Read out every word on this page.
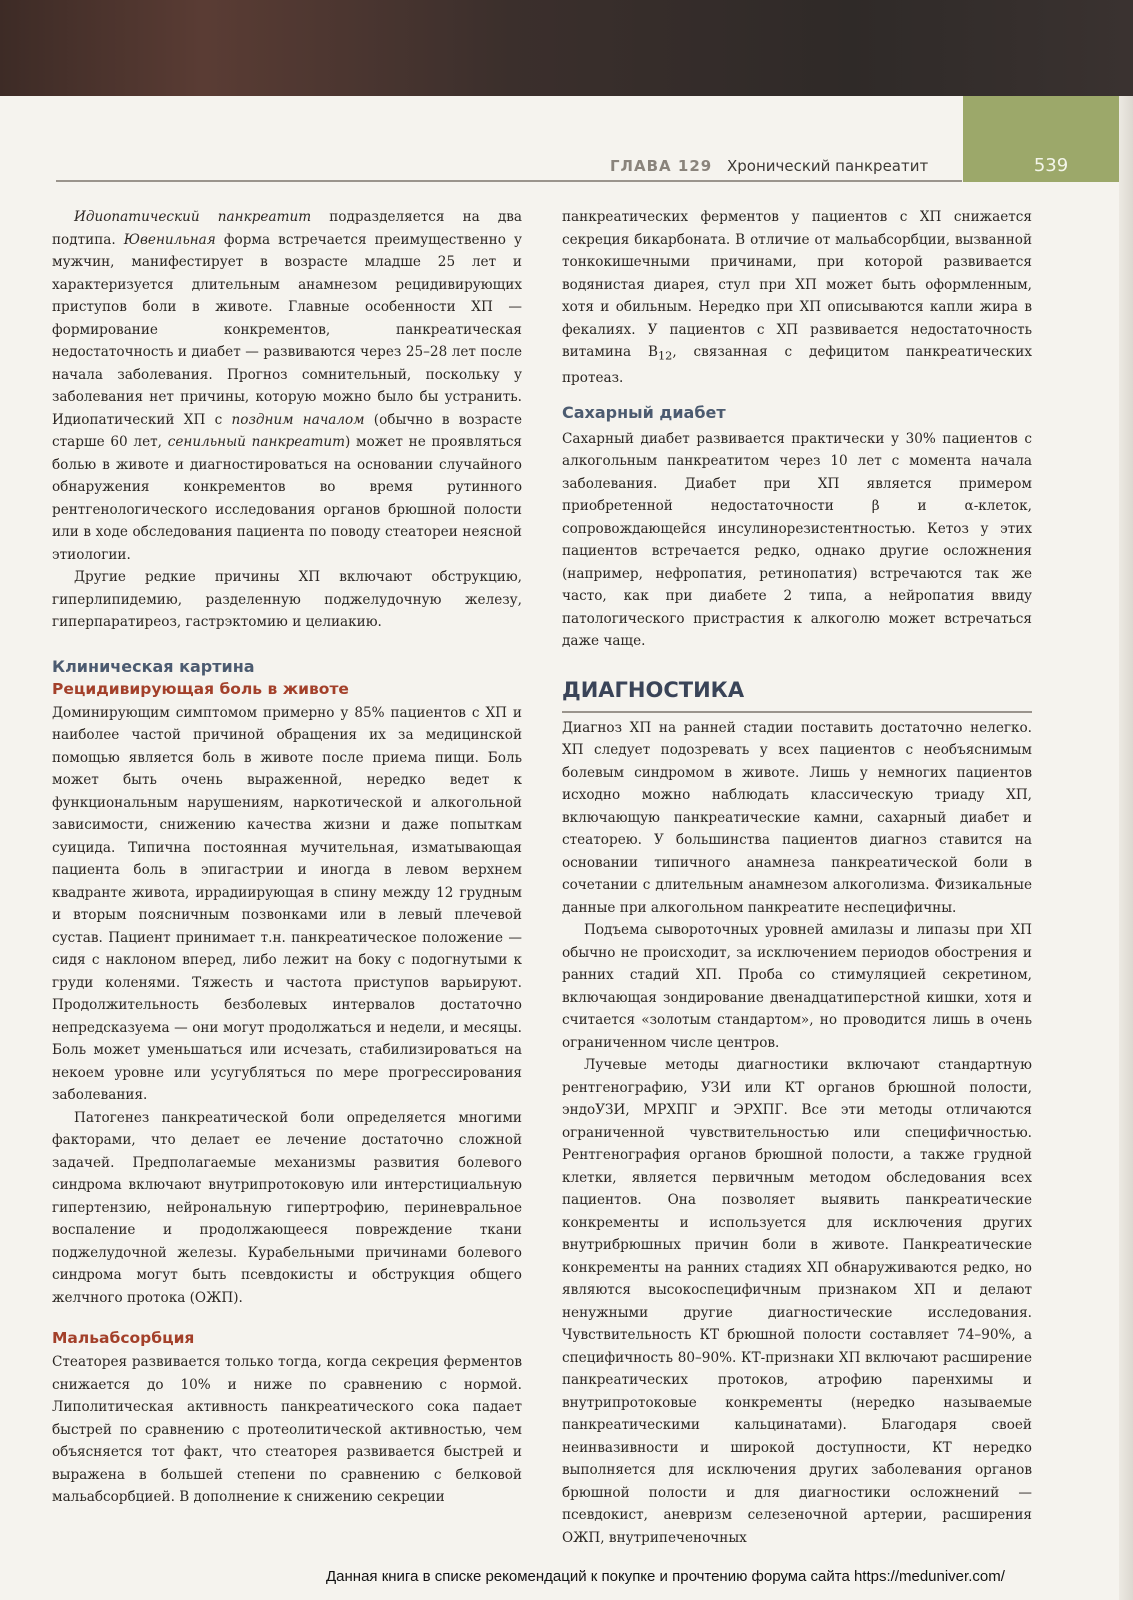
539
ГЛАВА 129 Хронический панкреатит

Идиопатический панкреатит подразделяется на два подтипа. Ювенильная форма встречается преимущественно у мужчин, манифестирует в возрасте младше 25 лет и характеризуется длительным анамнезом рецидивирующих приступов боли в животе. Главные особенности ХП — формирование конкрементов, панкреатическая недостаточность и диабет — развиваются через 25–28 лет после начала заболевания. Прогноз сомнительный, поскольку у заболевания нет причины, которую можно было бы устранить. Идиопатический ХП с поздним началом (обычно в возрасте старше 60 лет, сенильный панкреатит) может не проявляться болью в животе и диагностироваться на основании случайного обнаружения конкрементов во время рутинного рентгенологического исследования органов брюшной полости или в ходе обследования пациента по поводу стеатореи неясной этиологии.

Другие редкие причины ХП включают обструкцию, гиперлипидемию, разделенную поджелудочную железу, гиперпаратиреоз, гастрэктомию и целиакию.

Клиническая картина
Рецидивирующая боль в животе

Доминирующим симптомом примерно у 85% пациентов с ХП и наиболее частой причиной обращения их за медицинской помощью является боль в животе после приема пищи. Боль может быть очень выраженной, нередко ведет к функциональным нарушениям, наркотической и алкогольной зависимости, снижению качества жизни и даже попыткам суицида. Типична постоянная мучительная, изматывающая пациента боль в эпигастрии и иногда в левом верхнем квадранте живота, иррадиирующая в спину между 12 грудным и вторым поясничным позвонками или в левый плечевой сустав. Пациент принимает т.н. панкреатическое положение — сидя с наклоном вперед, либо лежит на боку с подогнутыми к груди коленями. Тяжесть и частота приступов варьируют. Продолжительность безболевых интервалов достаточно непредсказуема — они могут продолжаться и недели, и месяцы. Боль может уменьшаться или исчезать, стабилизироваться на некоем уровне или усугубляться по мере прогрессирования заболевания.

Патогенез панкреатической боли определяется многими факторами, что делает ее лечение достаточно сложной задачей. Предполагаемые механизмы развития болевого синдрома включают внутрипротоковую или интерстициальную гипертензию, нейрональную гипертрофию, периневральное воспаление и продолжающееся повреждение ткани поджелудочной железы. Курабельными причинами болевого синдрома могут быть псевдокисты и обструкция общего желчного протока (ОЖП).

Мальабсорбция

Стеаторея развивается только тогда, когда секреция ферментов снижается до 10% и ниже по сравнению с нормой. Липолитическая активность панкреатического сока падает быстрей по сравнению с протеолитической активностью, чем объясняется тот факт, что стеаторея развивается быстрей и выражена в большей степени по сравнению с белковой мальабсорбцией. В дополнение к снижению секреции

панкреатических ферментов у пациентов с ХП снижается секреция бикарбоната. В отличие от мальабсорбции, вызванной тонкокишечными причинами, при которой развивается водянистая диарея, стул при ХП может быть оформленным, хотя и обильным. Нередко при ХП описываются капли жира в фекалиях. У пациентов с ХП развивается недостаточность витамина $B_{12}$, связанная с дефицитом панкреатических протеаз.

Сахарный диабет

Сахарный диабет развивается практически у 30% пациентов с алкогольным панкреатитом через 10 лет с момента начала заболевания. Диабет при ХП является примером приобретенной недостаточности β и α-клеток, сопровождающейся инсулинорезистентностью. Кетоз у этих пациентов встречается редко, однако другие осложнения (например, нефропатия, ретинопатия) встречаются так же часто, как при диабете 2 типа, а нейропатия ввиду патологического пристрастия к алкоголю может встречаться даже чаще.

ДИАГНОСТИКА

Диагноз ХП на ранней стадии поставить достаточно нелегко. ХП следует подозревать у всех пациентов с необъяснимым болевым синдромом в животе. Лишь у немногих пациентов исходно можно наблюдать классическую триаду ХП, включающую панкреатические камни, сахарный диабет и стеаторею. У большинства пациентов диагноз ставится на основании типичного анамнеза панкреатической боли в сочетании с длительным анамнезом алкоголизма. Физикальные данные при алкогольном панкреатите неспецифичны.

Подъема сывороточных уровней амилазы и липазы при ХП обычно не происходит, за исключением периодов обострения и ранних стадий ХП. Проба со стимуляцией секретином, включающая зондирование двенадцатиперстной кишки, хотя и считается «золотым стандартом», но проводится лишь в очень ограниченном числе центров.

Лучевые методы диагностики включают стандартную рентгенографию, УЗИ или КТ органов брюшной полости, эндоУЗИ, МРХПГ и ЭРХПГ. Все эти методы отличаются ограниченной чувствительностью или специфичностью. Рентгенография органов брюшной полости, а также грудной клетки, является первичным методом обследования всех пациентов. Она позволяет выявить панкреатические конкременты и используется для исключения других внутрибрюшных причин боли в животе. Панкреатические конкременты на ранних стадиях ХП обнаруживаются редко, но являются высокоспецифичным признаком ХП и делают ненужными другие диагностические исследования. Чувствительность КТ брюшной полости составляет 74–90%, а специфичность 80–90%. КТ-признаки ХП включают расширение панкреатических протоков, атрофию паренхимы и внутрипротоковые конкременты (нередко называемые панкреатическими кальцинатами). Благодаря своей неинвазивности и широкой доступности, КТ нередко выполняется для исключения других заболевания органов брюшной полости и для диагностики осложнений — псевдокист, аневризм селезеночной артерии, расширения ОЖП, внутрипеченочных

Данная книга в списке рекомендаций к покупке и прочтению форума сайта https://meduniver.com/
